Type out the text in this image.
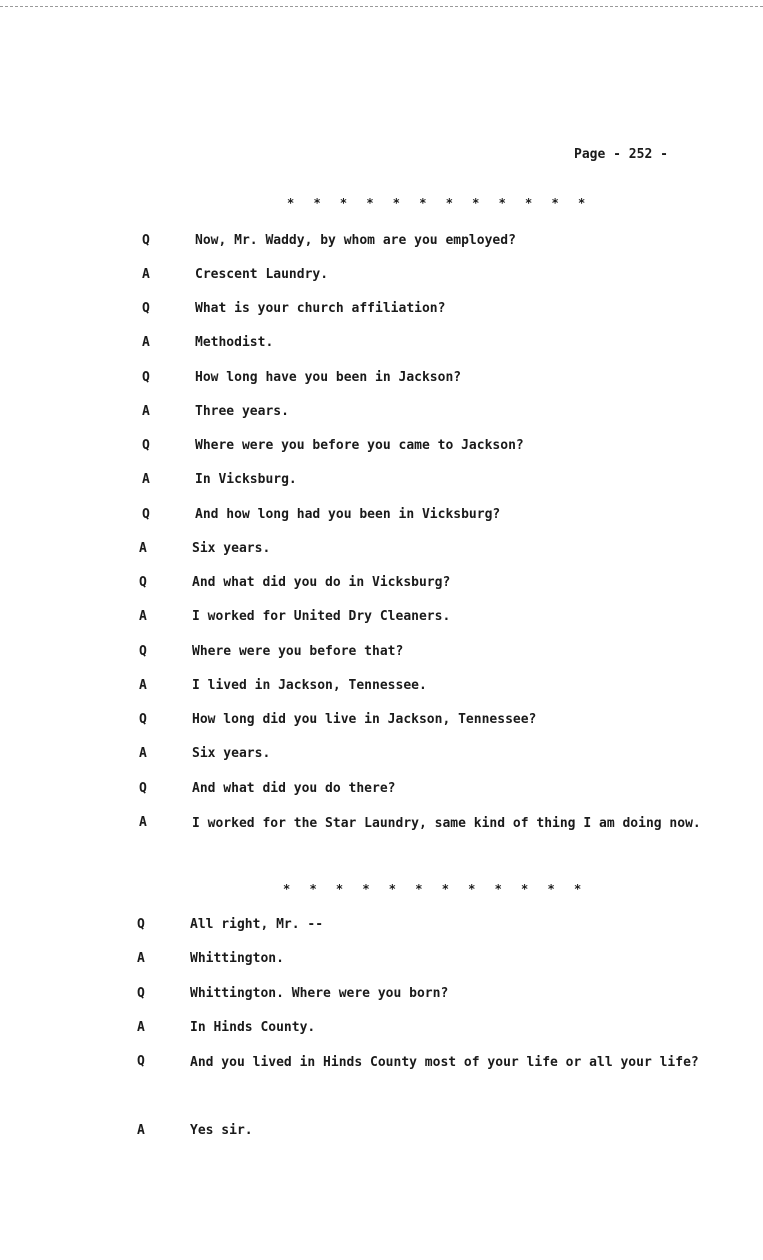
Page - 252 -
* * * * * * * * * * * *
Q	Now, Mr. Waddy, by whom are you employed?
A	Crescent Laundry.
Q	What is your church affiliation?
A	Methodist.
Q	How long have you been in Jackson?
A	Three years.
Q	Where were you before you came to Jackson?
A	In Vicksburg.
Q	And how long had you been in Vicksburg?
A	Six years.
Q	And what did you do in Vicksburg?
A	I worked for United Dry Cleaners.
Q	Where were you before that?
A	I lived in Jackson, Tennessee.
Q	How long did you live in Jackson, Tennessee?
A	Six years.
Q	And what did you do there?
A	I worked for the Star Laundry, same kind of thing I am doing now.
Q	All right, Mr. --
A	Whittington.
Q	Whittington. Where were you born?
A	In Hinds County.
Q	And you lived in Hinds County most of your life or all your life?
A	Yes sir.
* * * * * * * * * * * *
